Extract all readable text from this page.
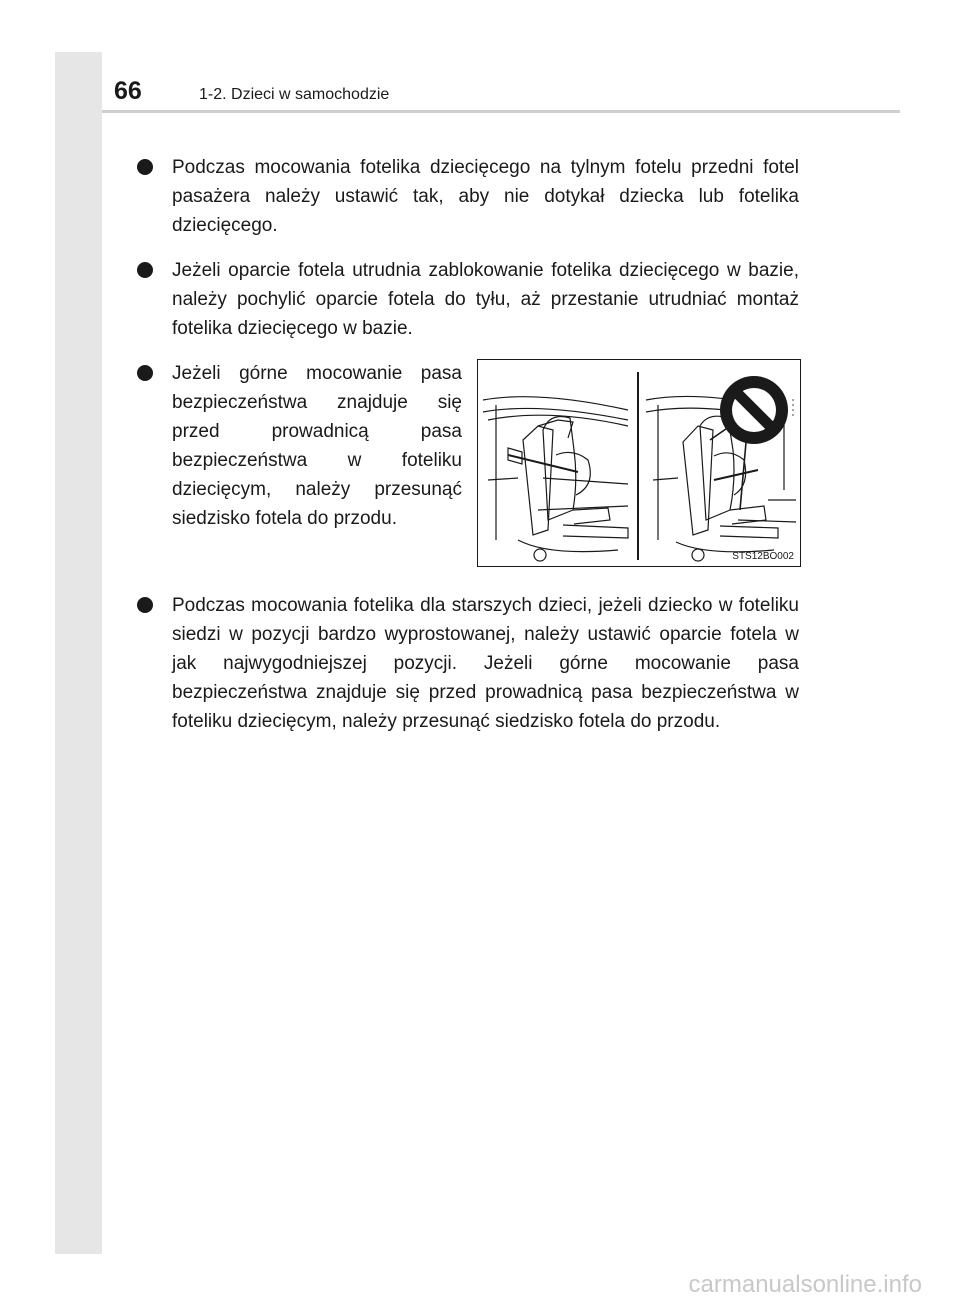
66	1-2. Dzieci w samochodzie
Podczas mocowania fotelika dziecięcego na tylnym fotelu przedni fotel pasażera należy ustawić tak, aby nie dotykał dziecka lub fotelika dziecięcego.
Jeżeli oparcie fotela utrudnia zablokowanie fotelika dziecięcego w bazie, należy pochylić oparcie fotela do tyłu, aż przestanie utrudniać montaż fotelika dziecięcego w bazie.
Jeżeli górne mocowanie pasa bezpieczeństwa znajduje się przed prowadnicą pasa bezpieczeństwa w foteliku dziecięcym, należy przesunąć siedzisko fotela do przodu.
STS12BO002
Podczas mocowania fotelika dla starszych dzieci, jeżeli dziecko w foteliku siedzi w pozycji bardzo wyprostowanej, należy ustawić oparcie fotela w jak najwygodniejszej pozycji. Jeżeli górne mocowanie pasa bezpieczeństwa znajduje się przed prowadnicą pasa bezpieczeństwa w foteliku dziecięcym, należy przesunąć siedzisko fotela do przodu.
carmanualsonline.info
